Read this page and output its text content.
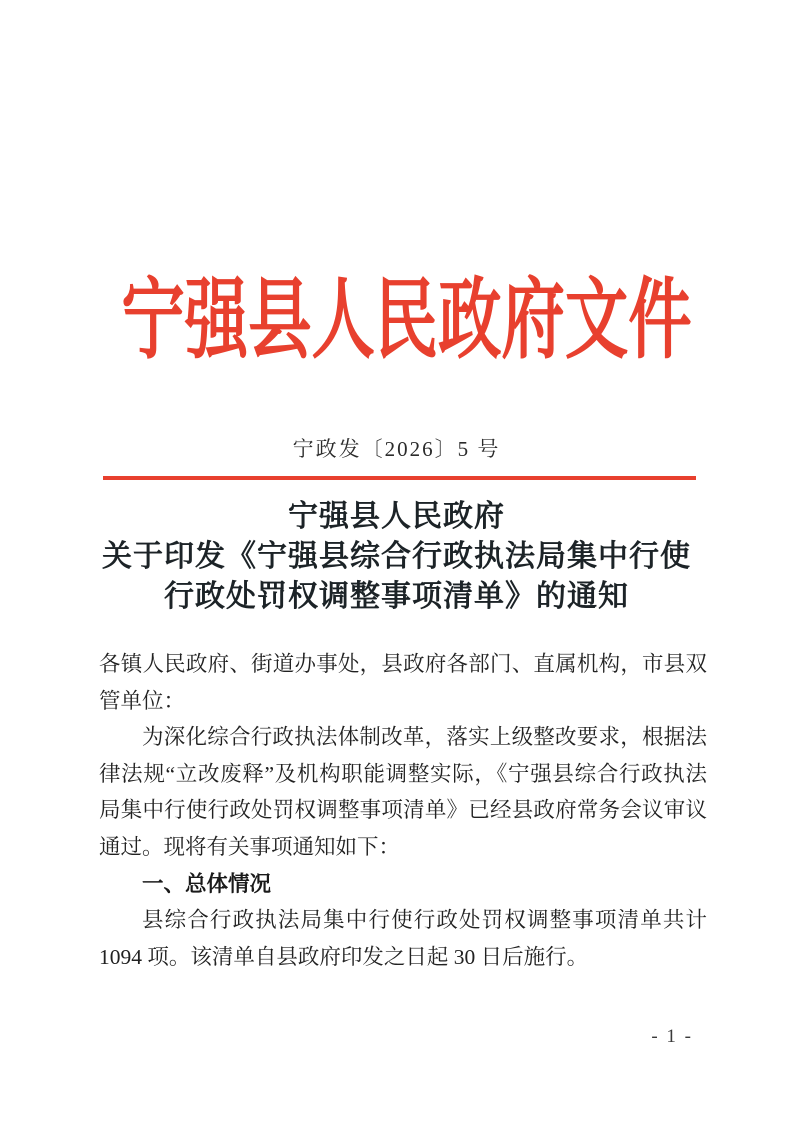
宁强县人民政府文件
宁政发〔2026〕5 号
宁强县人民政府
关于印发《宁强县综合行政执法局集中行使
行政处罚权调整事项清单》的通知

各镇人民政府、街道办事处，县政府各部门、直属机构，市县双管单位：

为深化综合行政执法体制改革，落实上级整改要求，根据法律法规“立改废释”及机构职能调整实际，《宁强县综合行政执法局集中行使行政处罚权调整事项清单》已经县政府常务会议审议通过。现将有关事项通知如下：

一、总体情况

县综合行政执法局集中行使行政处罚权调整事项清单共计 1094 项。该清单自县政府印发之日起 30 日后施行。

- 1 -
